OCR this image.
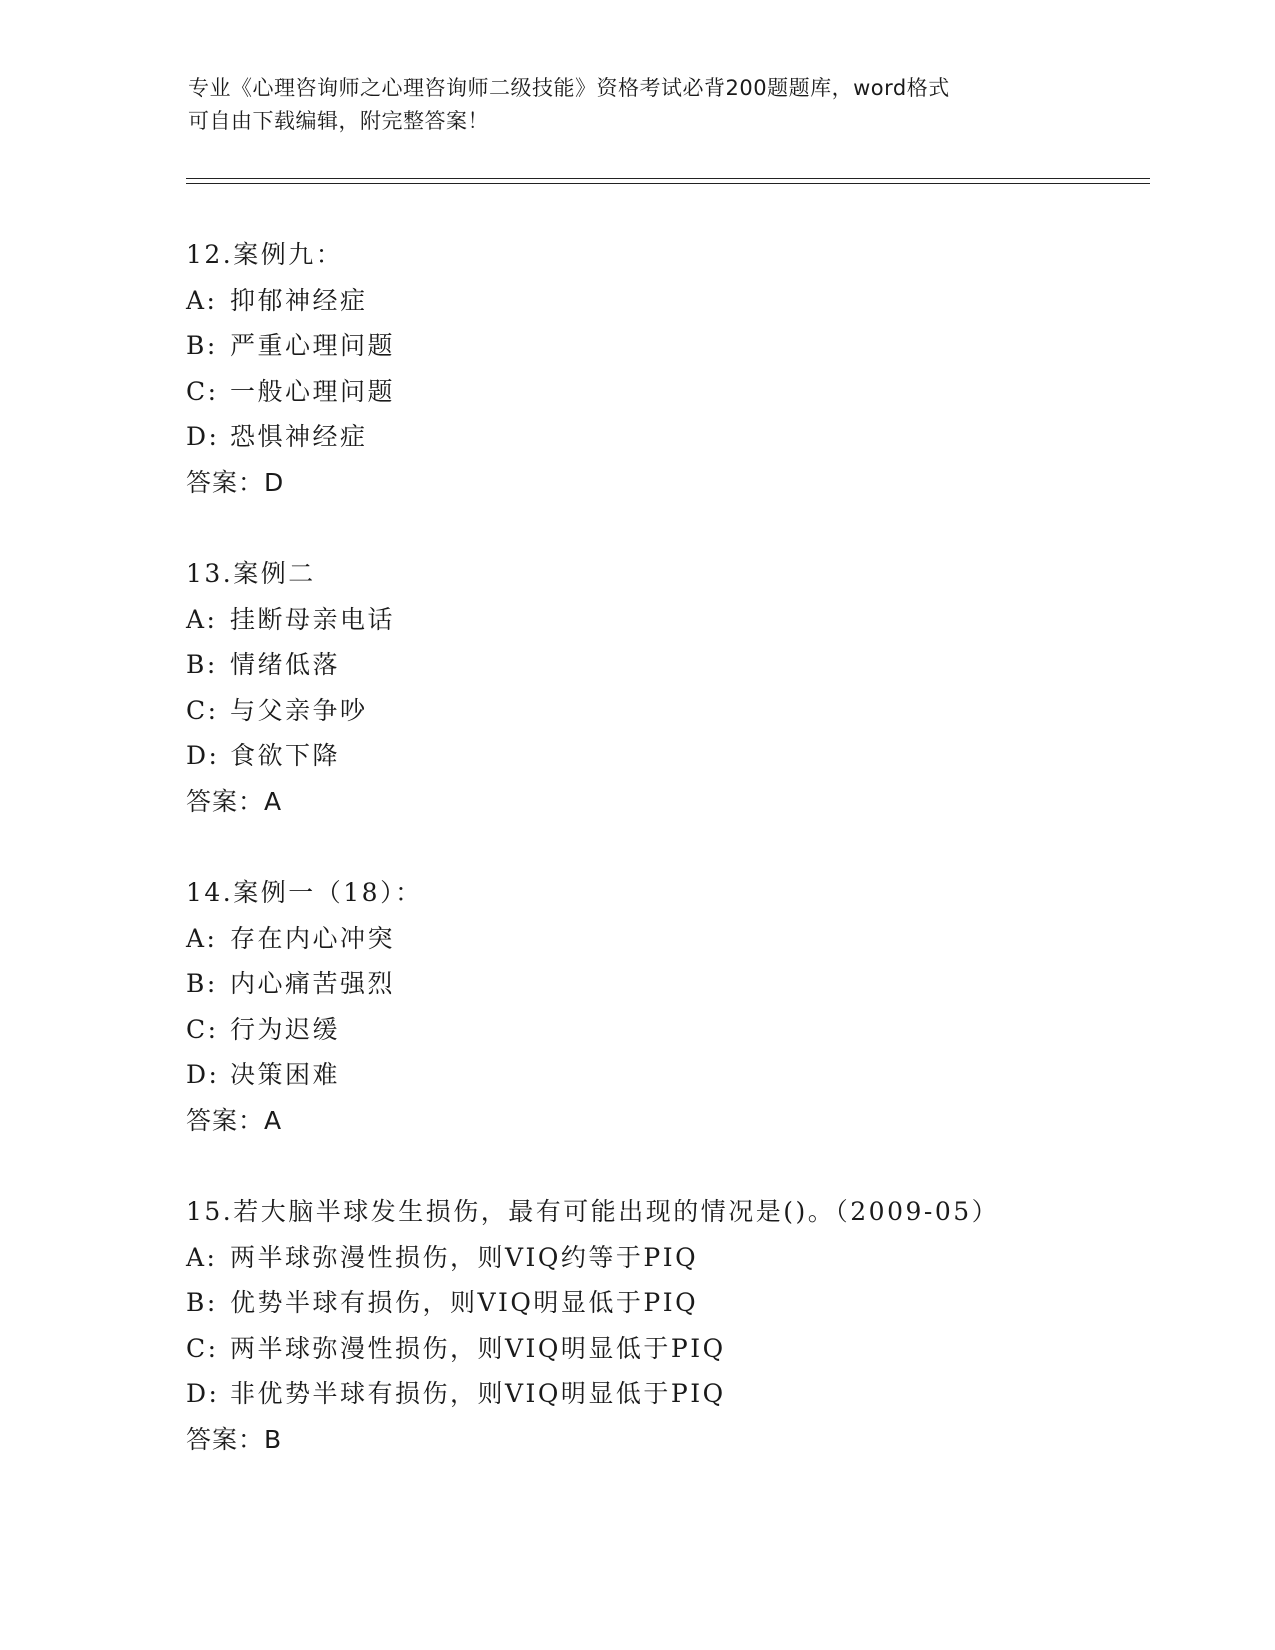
专业《心理咨询师之心理咨询师二级技能》资格考试必背200题题库，word格式
可自由下载编辑，附完整答案！
12.案例九：
A: 抑郁神经症
B: 严重心理问题
C: 一般心理问题
D: 恐惧神经症
答案：D
13.案例二
A: 挂断母亲电话
B: 情绪低落
C: 与父亲争吵
D: 食欲下降
答案：A
14.案例一（18）：
A: 存在内心冲突
B: 内心痛苦强烈
C: 行为迟缓
D: 决策困难
答案：A
15.若大脑半球发生损伤，最有可能出现的情况是()。（2009-05）
A: 两半球弥漫性损伤，则VIQ约等于PIQ
B: 优势半球有损伤，则VIQ明显低于PIQ
C: 两半球弥漫性损伤，则VIQ明显低于PIQ
D: 非优势半球有损伤，则VIQ明显低于PIQ
答案：B
